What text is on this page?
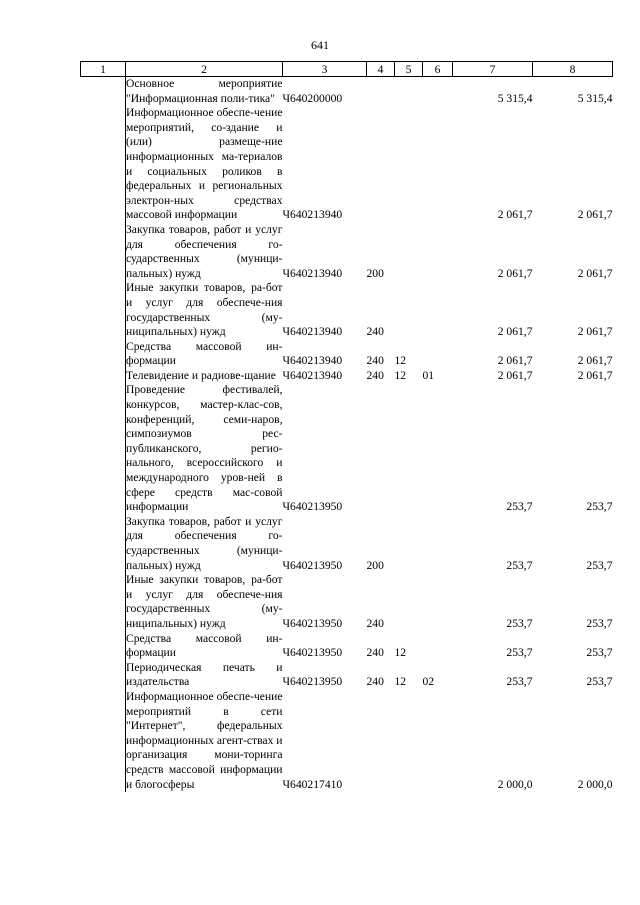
641
1	2	3	4	5	6	7	8
	Основное мероприятие "Информационная поли-тика"	Ч640200000				5 315,4	5 315,4
	Информационное обеспе-чение мероприятий, со-здание и (или) размеще-ние информационных ма-териалов и социальных роликов в федеральных и региональных электрон-ных средствах массовой информации	Ч640213940				2 061,7	2 061,7
	Закупка товаров, работ и услуг для обеспечения го-сударственных (муници-пальных) нужд	Ч640213940	200			2 061,7	2 061,7
	Иные закупки товаров, ра-бот и услуг для обеспече-ния государственных (му-ниципальных) нужд	Ч640213940	240			2 061,7	2 061,7
	Средства массовой ин-формации	Ч640213940	240	12		2 061,7	2 061,7
	Телевидение и радиове-щание	Ч640213940	240	12	01	2 061,7	2 061,7
	Проведение фестивалей, конкурсов, мастер-клас-сов, конференций, семи-наров, симпозиумов рес-публиканского, регио-нального, всероссийского и международного уров-ней в сфере средств мас-совой информации	Ч640213950				253,7	253,7
	Закупка товаров, работ и услуг для обеспечения го-сударственных (муници-пальных) нужд	Ч640213950	200			253,7	253,7
	Иные закупки товаров, ра-бот и услуг для обеспече-ния государственных (му-ниципальных) нужд	Ч640213950	240			253,7	253,7
	Средства массовой ин-формации	Ч640213950	240	12		253,7	253,7
	Периодическая печать и издательства	Ч640213950	240	12	02	253,7	253,7
	Информационное обеспе-чение мероприятий в сети "Интернет", федеральных информационных агент-ствах и организация мони-торинга средств массовой информации и блогосферы	Ч640217410				2 000,0	2 000,0
